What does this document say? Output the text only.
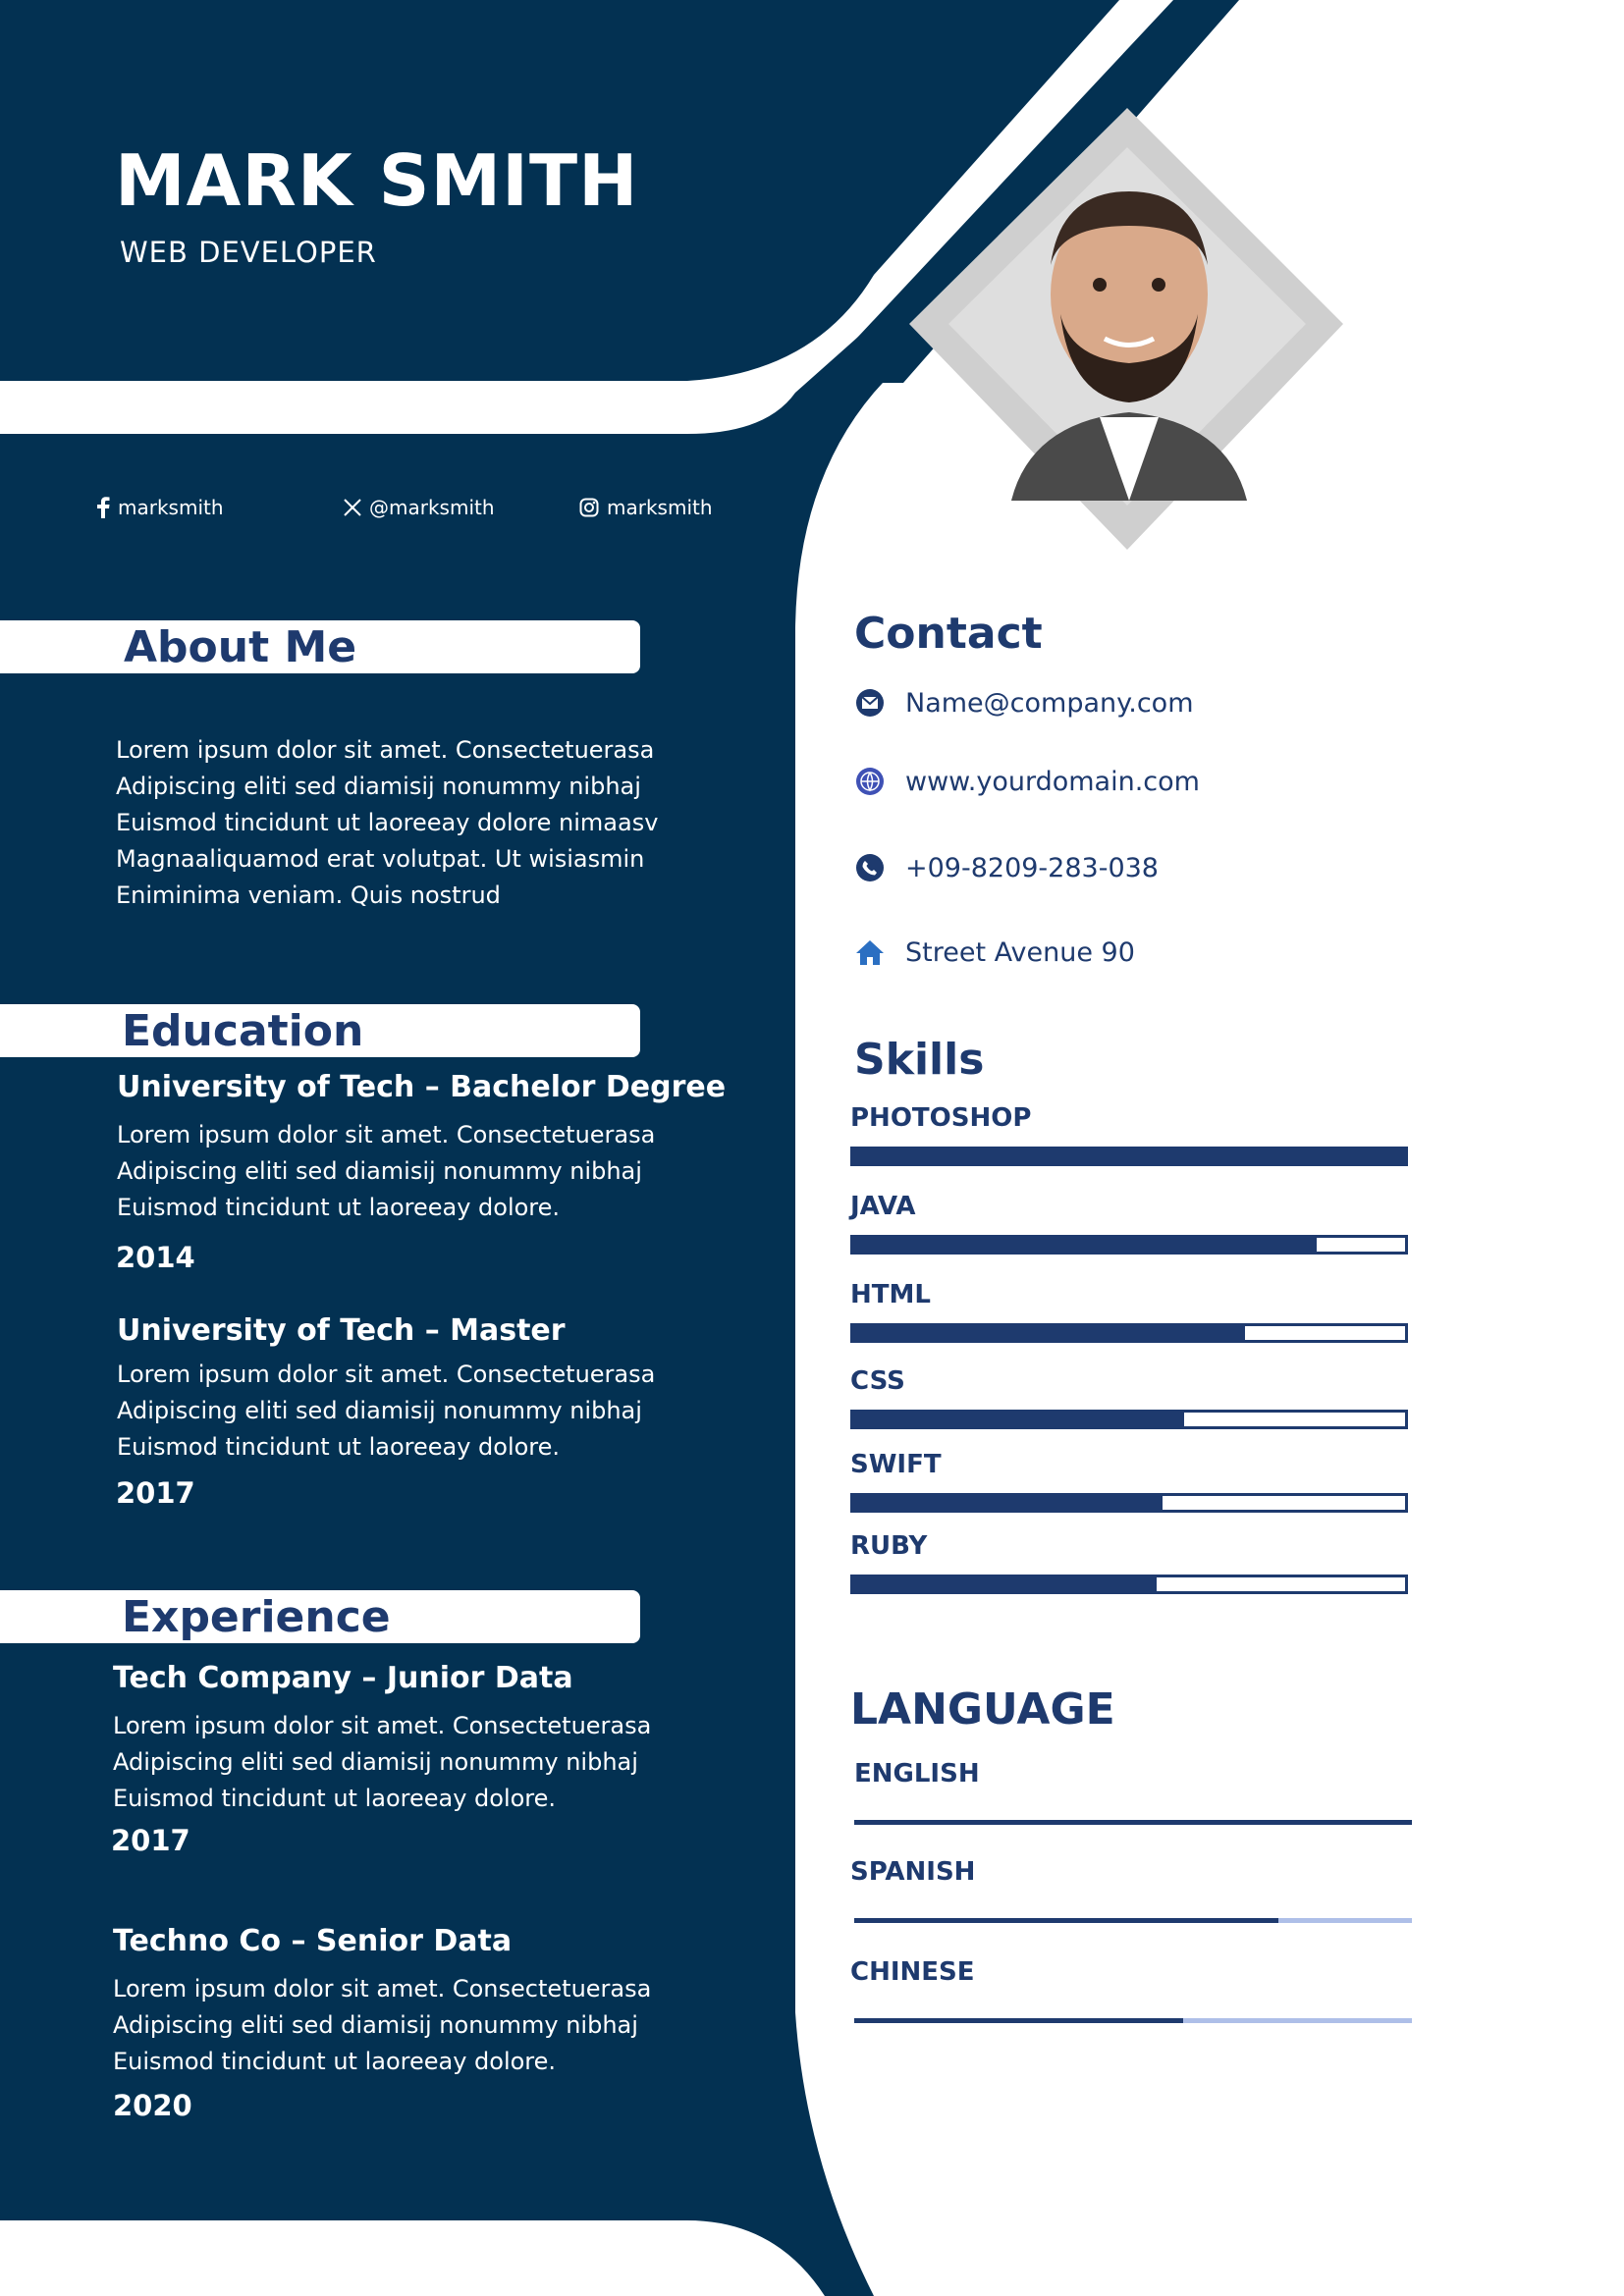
MARK SMITH
WEB DEVELOPER
marksmith	@marksmith	marksmith
About Me
Lorem ipsum dolor sit amet. Consectetuerasa Adipiscing eliti sed diamisij nonummy nibhaj Euismod tincidunt ut laoreeay dolore nimaasv Magnaaliquamod erat volutpat. Ut wisiasmin Eniminima veniam. Quis nostrud
Education
University of Tech – Bachelor Degree
Lorem ipsum dolor sit amet. Consectetuerasa Adipiscing eliti sed diamisij nonummy nibhaj Euismod tincidunt ut laoreeay dolore.
2014
University of Tech – Master
Lorem ipsum dolor sit amet. Consectetuerasa Adipiscing eliti sed diamisij nonummy nibhaj Euismod tincidunt ut laoreeay dolore.
2017
Experience
Tech Company – Junior Data
Lorem ipsum dolor sit amet. Consectetuerasa Adipiscing eliti sed diamisij nonummy nibhaj Euismod tincidunt ut laoreeay dolore.
2017
Techno Co – Senior Data
Lorem ipsum dolor sit amet. Consectetuerasa Adipiscing eliti sed diamisij nonummy nibhaj Euismod tincidunt ut laoreeay dolore.
2020
Contact
Name@company.com
www.yourdomain.com
+09-8209-283-038
Street Avenue 90
Skills
PHOTOSHOP
JAVA
HTML
CSS
SWIFT
RUBY
LANGUAGE
ENGLISH
SPANISH
CHINESE
